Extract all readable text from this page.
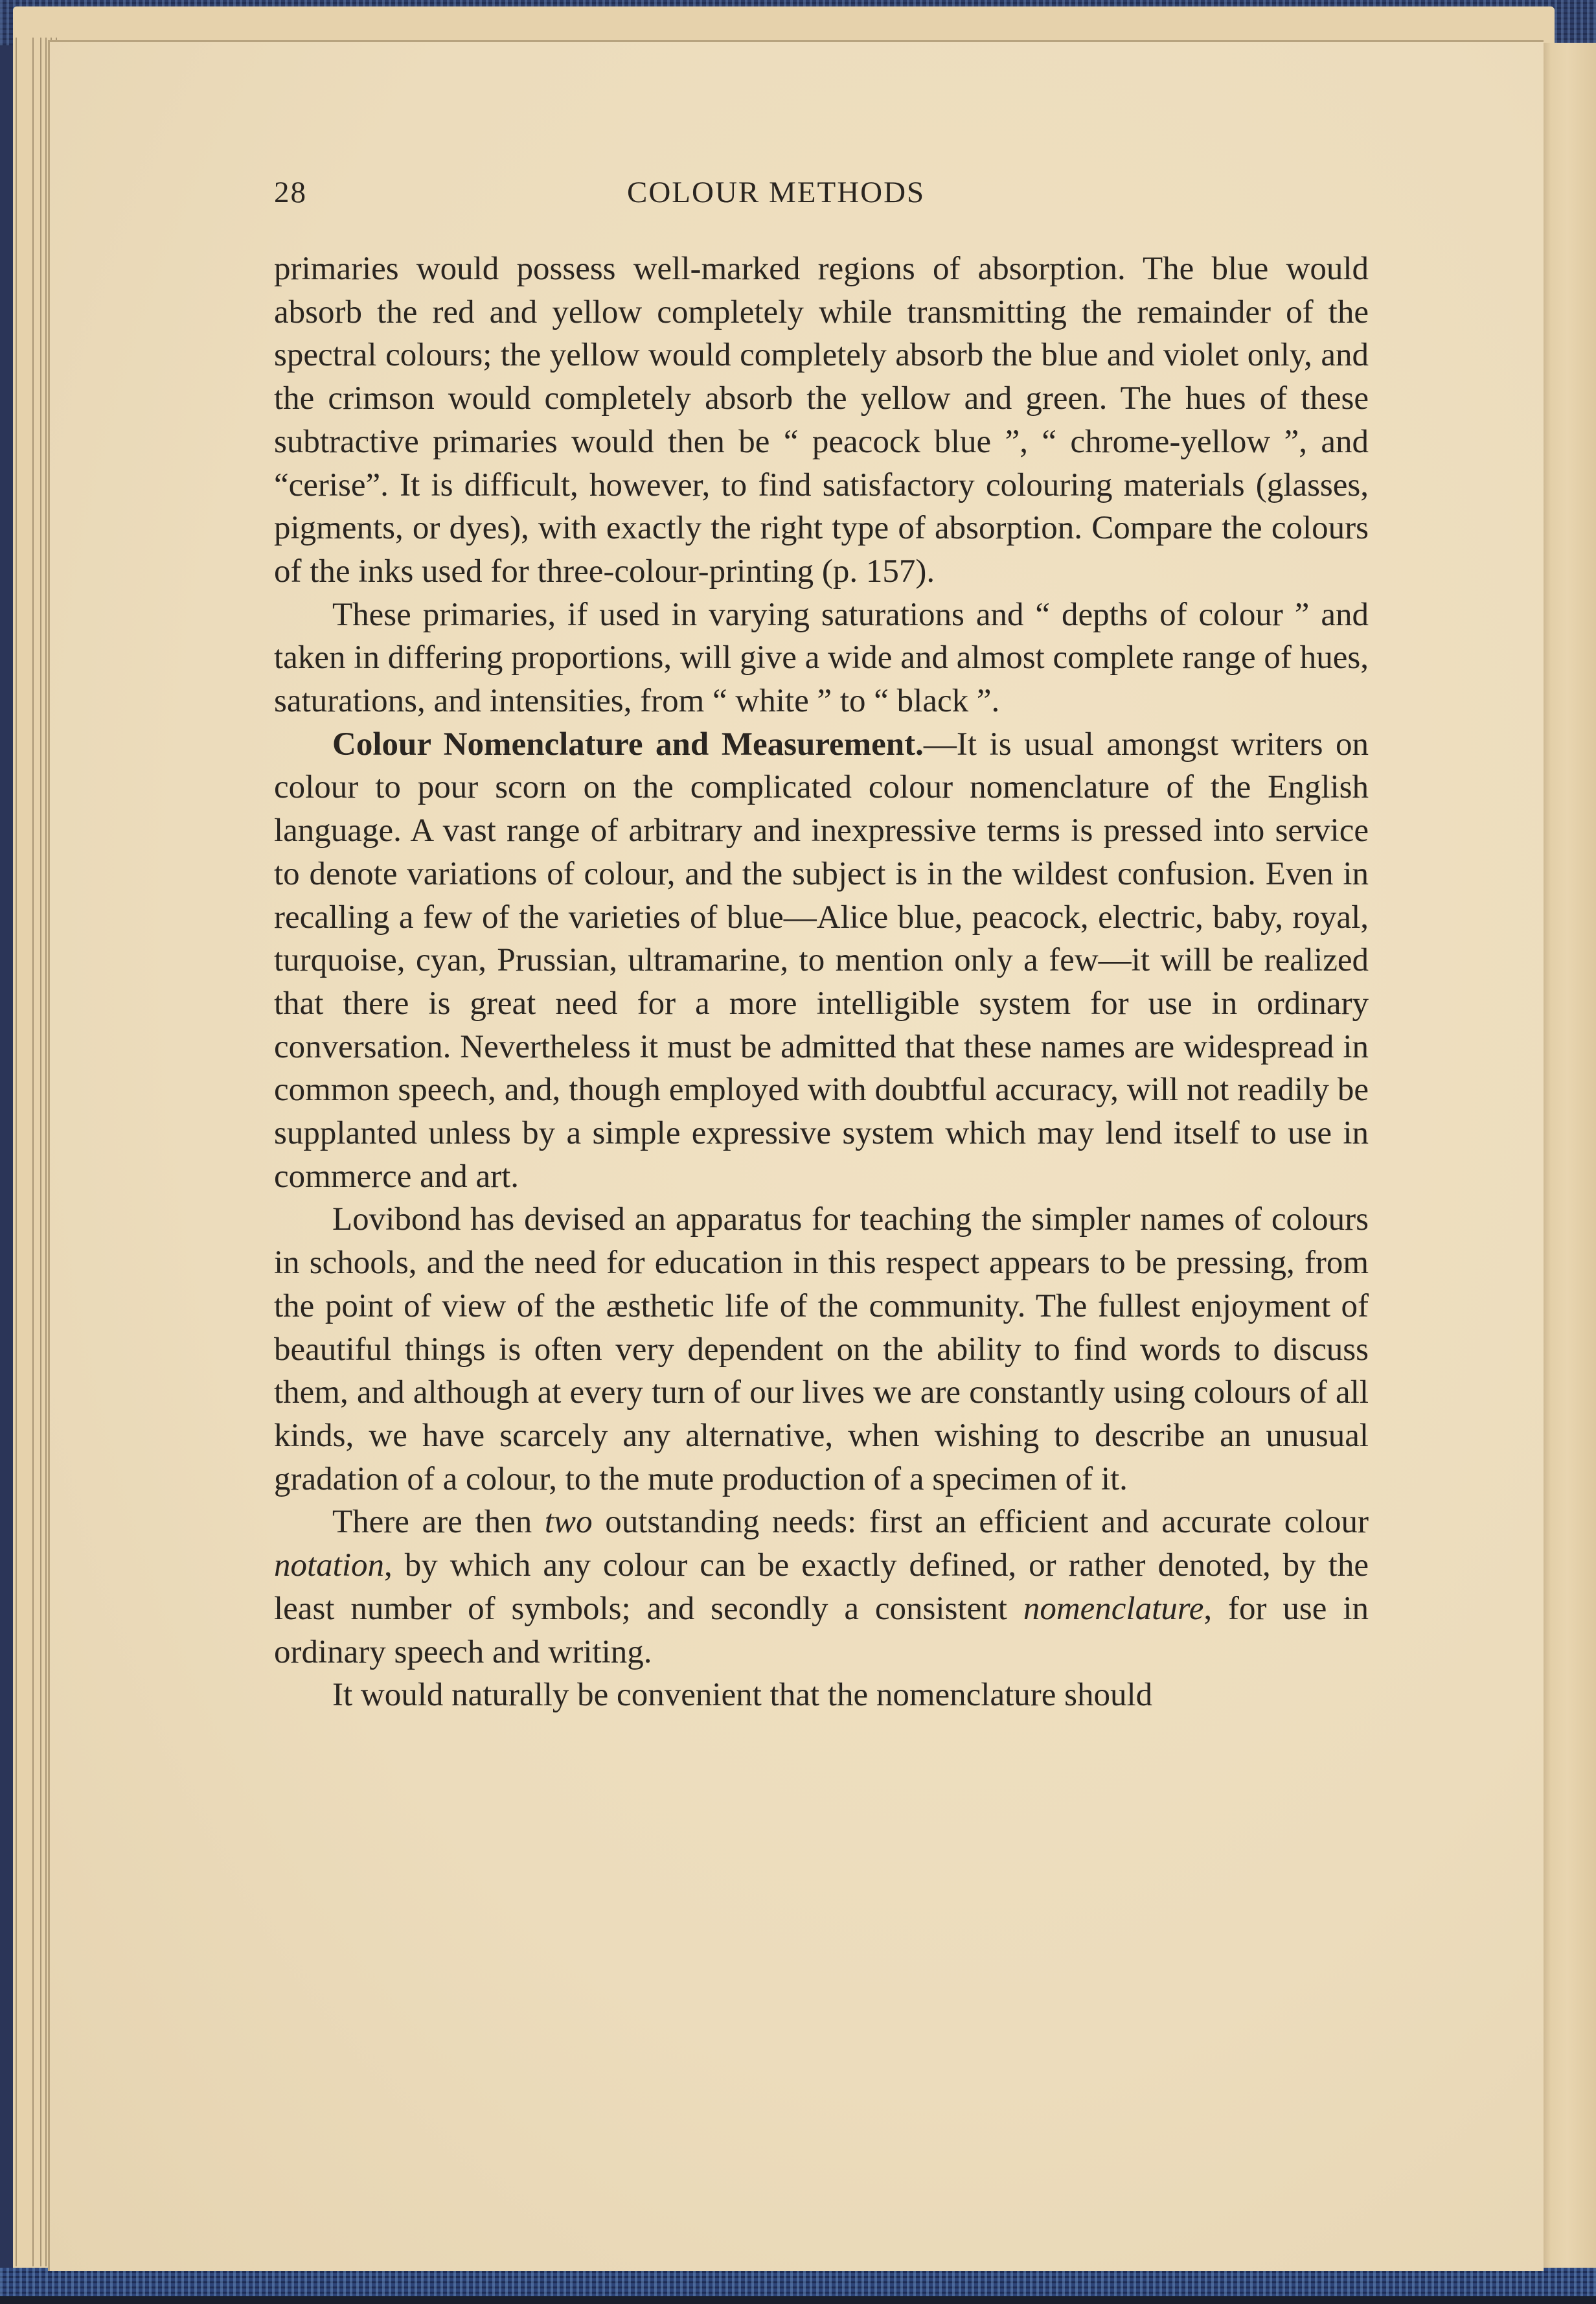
28	COLOUR METHODS

primaries would possess well-marked regions of absorption. The blue would absorb the red and yellow completely while transmitting the remainder of the spectral colours; the yellow would completely absorb the blue and violet only, and the crimson would completely absorb the yellow and green. The hues of these subtractive primaries would then be “ peacock blue ”, “ chrome-yellow ”, and “cerise”. It is difficult, however, to find satisfactory colouring materials (glasses, pigments, or dyes), with exactly the right type of absorption. Compare the colours of the inks used for three-colour-printing (p. 157).

These primaries, if used in varying saturations and “ depths of colour ” and taken in differing proportions, will give a wide and almost complete range of hues, saturations, and intensities, from “ white ” to “ black ”.

Colour Nomenclature and Measurement.—It is usual amongst writers on colour to pour scorn on the complicated colour nomenclature of the English language. A vast range of arbitrary and inexpressive terms is pressed into service to denote variations of colour, and the subject is in the wildest confusion. Even in recalling a few of the varieties of blue—Alice blue, peacock, electric, baby, royal, turquoise, cyan, Prussian, ultramarine, to mention only a few—it will be realized that there is great need for a more intelligible system for use in ordinary conversation. Nevertheless it must be admitted that these names are widespread in common speech, and, though employed with doubtful accuracy, will not readily be supplanted unless by a simple expressive system which may lend itself to use in commerce and art.

Lovibond has devised an apparatus for teaching the simpler names of colours in schools, and the need for education in this respect appears to be pressing, from the point of view of the æsthetic life of the community. The fullest enjoyment of beautiful things is often very dependent on the ability to find words to discuss them, and although at every turn of our lives we are constantly using colours of all kinds, we have scarcely any alternative, when wishing to describe an unusual gradation of a colour, to the mute production of a specimen of it.

There are then two outstanding needs: first an efficient and accurate colour notation, by which any colour can be exactly defined, or rather denoted, by the least number of symbols; and secondly a consistent nomenclature, for use in ordinary speech and writing.

It would naturally be convenient that the nomenclature should
